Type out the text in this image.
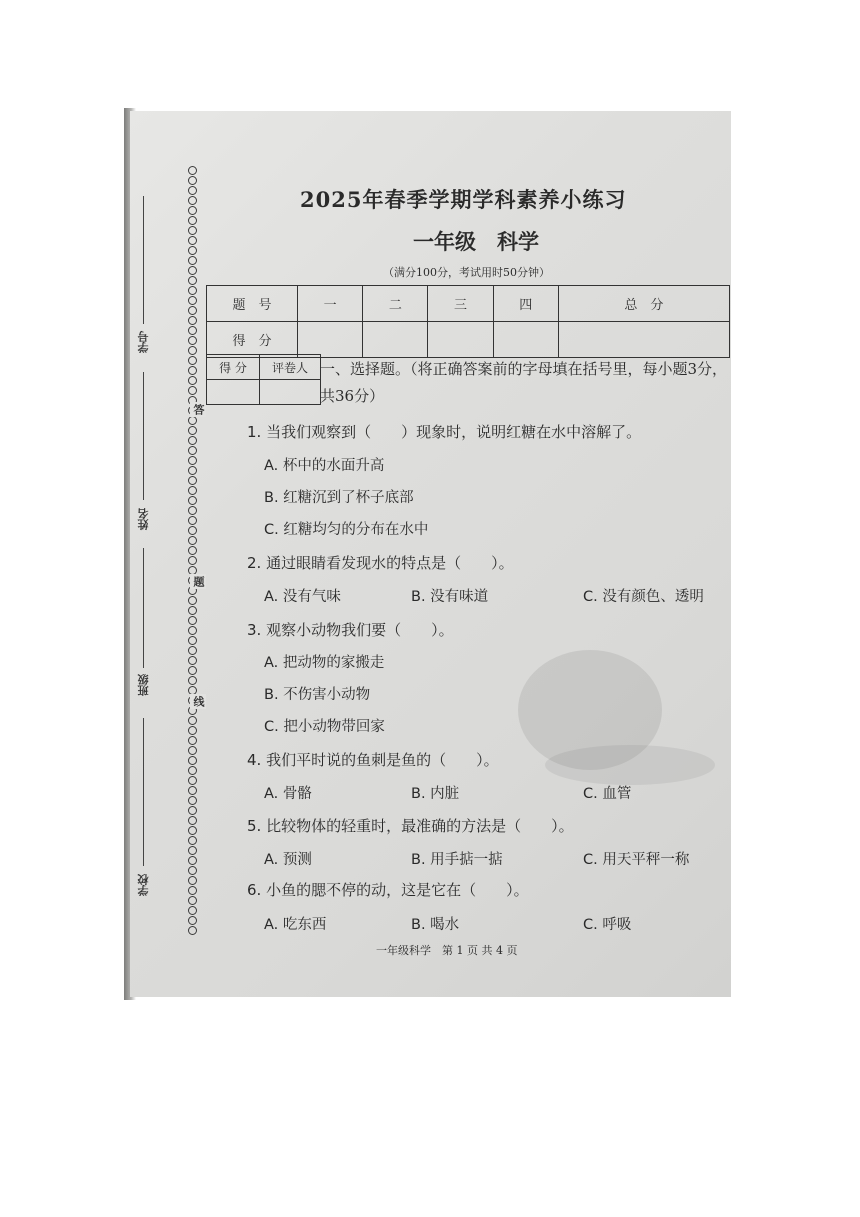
学号
姓名
班级
学校
答
题
线
2025年春季学期学科素养小练习
一年级　科学
（满分100分，考试用时50分钟）
题　号	一	二	三	四	总　分
得　分					
得 分	评卷人
	一、选择题。（将正确答案前的字母填在括号里，每小题3分，共36分）
1. 当我们观察到（　　）现象时，说明红糖在水中溶解了。
A. 杯中的水面升高
B. 红糖沉到了杯子底部
C. 红糖均匀的分布在水中
2. 通过眼睛看发现水的特点是（　　）。
A. 没有气味	B. 没有味道	C. 没有颜色、透明
3. 观察小动物我们要（　　）。
A. 把动物的家搬走
B. 不伤害小动物
C. 把小动物带回家
4. 我们平时说的鱼刺是鱼的（　　）。
A. 骨骼	B. 内脏	C. 血管
5. 比较物体的轻重时，最准确的方法是（　　）。
A. 预测	B. 用手掂一掂	C. 用天平秤一称
6. 小鱼的腮不停的动，这是它在（　　）。
A. 吃东西	B. 喝水	C. 呼吸
一年级科学　第 1 页 共 4 页
